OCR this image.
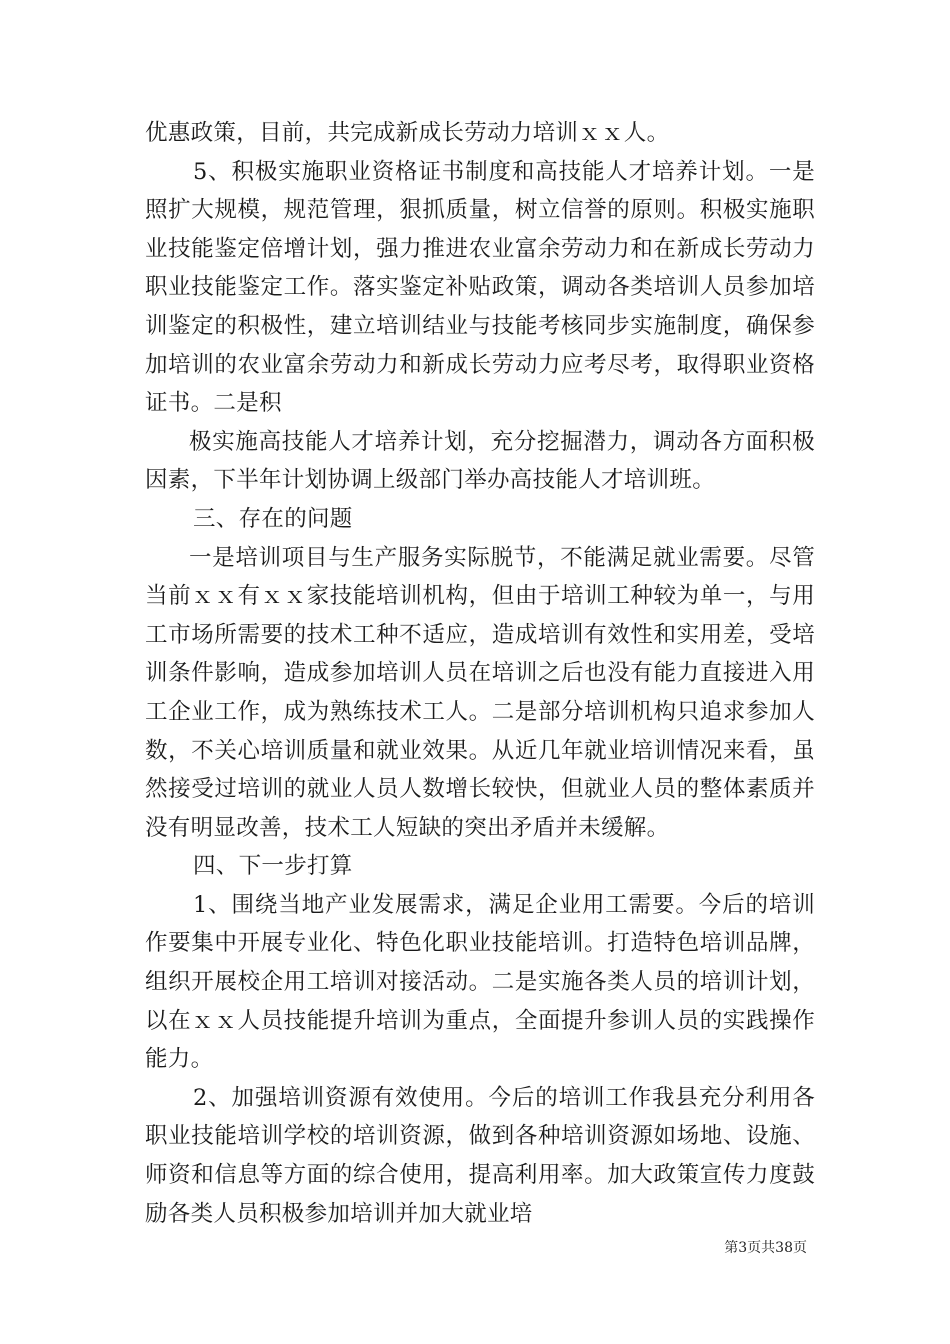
优惠政策，目前，共完成新成长劳动力培训ｘｘ人。
5、积极实施职业资格证书制度和高技能人才培养计划。一是
照扩大规模，规范管理，狠抓质量，树立信誉的原则。积极实施职
业技能鉴定倍增计划，强力推进农业富余劳动力和在新成长劳动力
职业技能鉴定工作。落实鉴定补贴政策，调动各类培训人员参加培
训鉴定的积极性，建立培训结业与技能考核同步实施制度，确保参
加培训的农业富余劳动力和新成长劳动力应考尽考，取得职业资格
证书。二是积
极实施高技能人才培养计划，充分挖掘潜力，调动各方面积极
因素，下半年计划协调上级部门举办高技能人才培训班。
三、存在的问题
一是培训项目与生产服务实际脱节，不能满足就业需要。尽管
当前ｘｘ有ｘｘ家技能培训机构，但由于培训工种较为单一，与用
工市场所需要的技术工种不适应，造成培训有效性和实用差，受培
训条件影响，造成参加培训人员在培训之后也没有能力直接进入用
工企业工作，成为熟练技术工人。二是部分培训机构只追求参加人
数，不关心培训质量和就业效果。从近几年就业培训情况来看，虽
然接受过培训的就业人员人数增长较快，但就业人员的整体素质并
没有明显改善，技术工人短缺的突出矛盾并未缓解。
四、下一步打算
1、围绕当地产业发展需求，满足企业用工需要。今后的培训
作要集中开展专业化、特色化职业技能培训。打造特色培训品牌，
组织开展校企用工培训对接活动。二是实施各类人员的培训计划，
以在ｘｘ人员技能提升培训为重点，全面提升参训人员的实践操作
能力。
2、加强培训资源有效使用。今后的培训工作我县充分利用各
职业技能培训学校的培训资源，做到各种培训资源如场地、设施、
师资和信息等方面的综合使用，提高利用率。加大政策宣传力度鼓
励各类人员积极参加培训并加大就业培
第3页共38页
